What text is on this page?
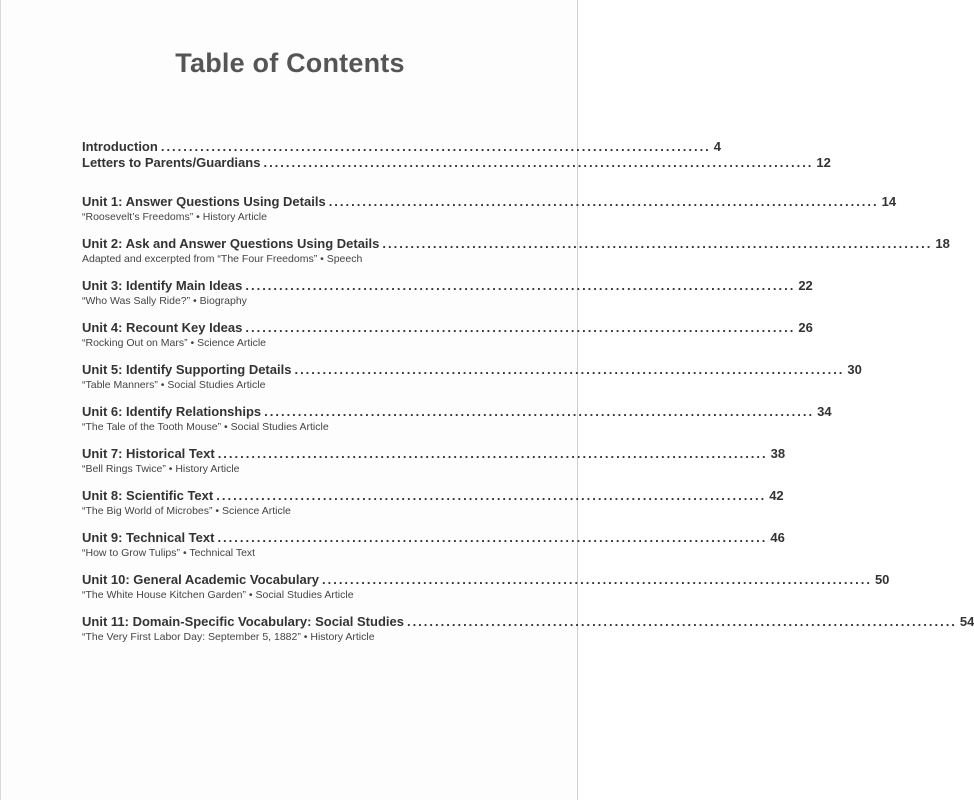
Table of Contents
Introduction .................................................................................................. 4
Letters to Parents/Guardians .................................................................................................. 12
Unit 1: Answer Questions Using Details .................................................................................................. 14
“Roosevelt’s Freedoms” • History Article
Unit 2: Ask and Answer Questions Using Details .................................................................................................. 18
Adapted and excerpted from “The Four Freedoms” • Speech
Unit 3: Identify Main Ideas .................................................................................................. 22
“Who Was Sally Ride?” • Biography
Unit 4: Recount Key Ideas .................................................................................................. 26
“Rocking Out on Mars” • Science Article
Unit 5: Identify Supporting Details .................................................................................................. 30
“Table Manners” • Social Studies Article
Unit 6: Identify Relationships .................................................................................................. 34
“The Tale of the Tooth Mouse” • Social Studies Article
Unit 7: Historical Text .................................................................................................. 38
“Bell Rings Twice” • History Article
Unit 8: Scientific Text .................................................................................................. 42
“The Big World of Microbes” • Science Article
Unit 9: Technical Text .................................................................................................. 46
“How to Grow Tulips” • Technical Text
Unit 10: General Academic Vocabulary .................................................................................................. 50
“The White House Kitchen Garden” • Social Studies Article
Unit 11: Domain-Specific Vocabulary: Social Studies .................................................................................................. 54
“The Very First Labor Day: September 5, 1882” • History Article
